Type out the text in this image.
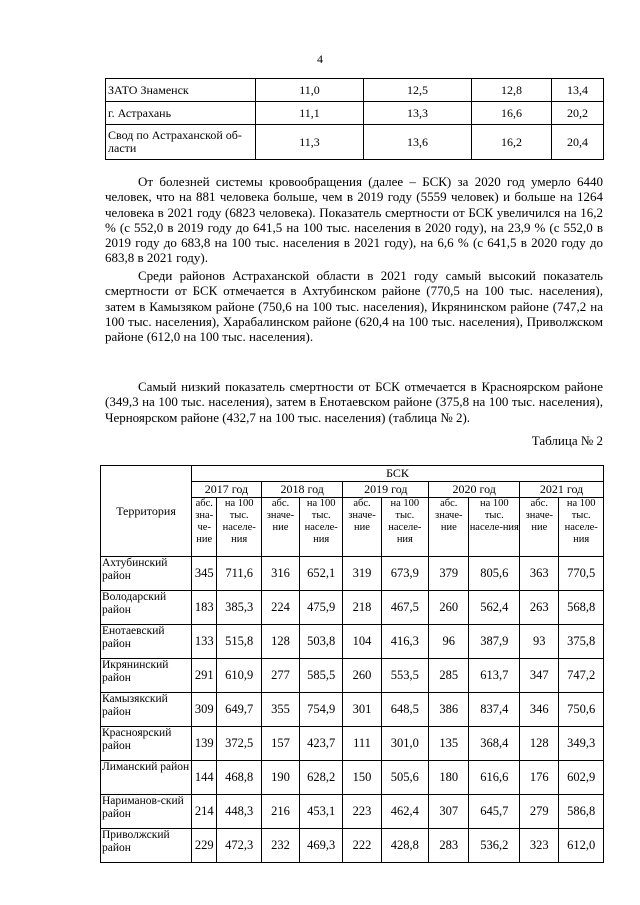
4
ЗАТО Знаменск	11,0	12,5	12,8	13,4
г. Астрахань	11,1	13,3	16,6	20,2
Свод по Астраханской об-ласти	11,3	13,6	16,2	20,4

От болезней системы кровообращения (далее – БСК) за 2020 год умерло 6440 человек, что на 881 человека больше, чем в 2019 году (5559 человек) и больше на 1264 человека в 2021 году (6823 человека). Показатель смертности от БСК увеличился на 16,2 % (с 552,0 в 2019 году до 641,5 на 100 тыс. населения в 2020 году), на 23,9 % (с 552,0 в 2019 году до 683,8 на 100 тыс. населения в 2021 году), на 6,6 % (с 641,5 в 2020 году до 683,8 в 2021 году).

Среди районов Астраханской области в 2021 году самый высокий показатель смертности от БСК отмечается в Ахтубинском районе (770,5 на 100 тыс. населения), затем в Камызяком районе (750,6 на 100 тыс. населения), Икрянинском районе (747,2 на 100 тыс. населения), Харабалинском районе (620,4 на 100 тыс. населения), Приволжском районе (612,0 на 100 тыс. населения).

Самый низкий показатель смертности от БСК отмечается в Красноярском районе (349,3 на 100 тыс. населения), затем в Енотаевском районе (375,8 на 100 тыс. населения), Черноярском районе (432,7 на 100 тыс. населения) (таблица № 2).

Таблица № 2
Территория	БСК									
	2017 год		2018 год		2019 год		2020 год		2021 год	
	абс. зна-че-ние	на 100 тыс. населе-ния	абс. значе-ние	на 100 тыс. населе-ния	абс. значе-ние	на 100 тыс. населе-ния	абс. значе-ние	на 100 тыс. населе-ния	абс. значе-ние	на 100 тыс. населе-ния
Ахтубинский район	345	711,6	316	652,1	319	673,9	379	805,6	363	770,5
Володарский район	183	385,3	224	475,9	218	467,5	260	562,4	263	568,8
Енотаевский район	133	515,8	128	503,8	104	416,3	96	387,9	93	375,8
Икрянинский район	291	610,9	277	585,5	260	553,5	285	613,7	347	747,2
Камызякский район	309	649,7	355	754,9	301	648,5	386	837,4	346	750,6
Красноярский район	139	372,5	157	423,7	111	301,0	135	368,4	128	349,3
Лиманский район	144	468,8	190	628,2	150	505,6	180	616,6	176	602,9
Нариманов-ский район	214	448,3	216	453,1	223	462,4	307	645,7	279	586,8
Приволжский район	229	472,3	232	469,3	222	428,8	283	536,2	323	612,0
